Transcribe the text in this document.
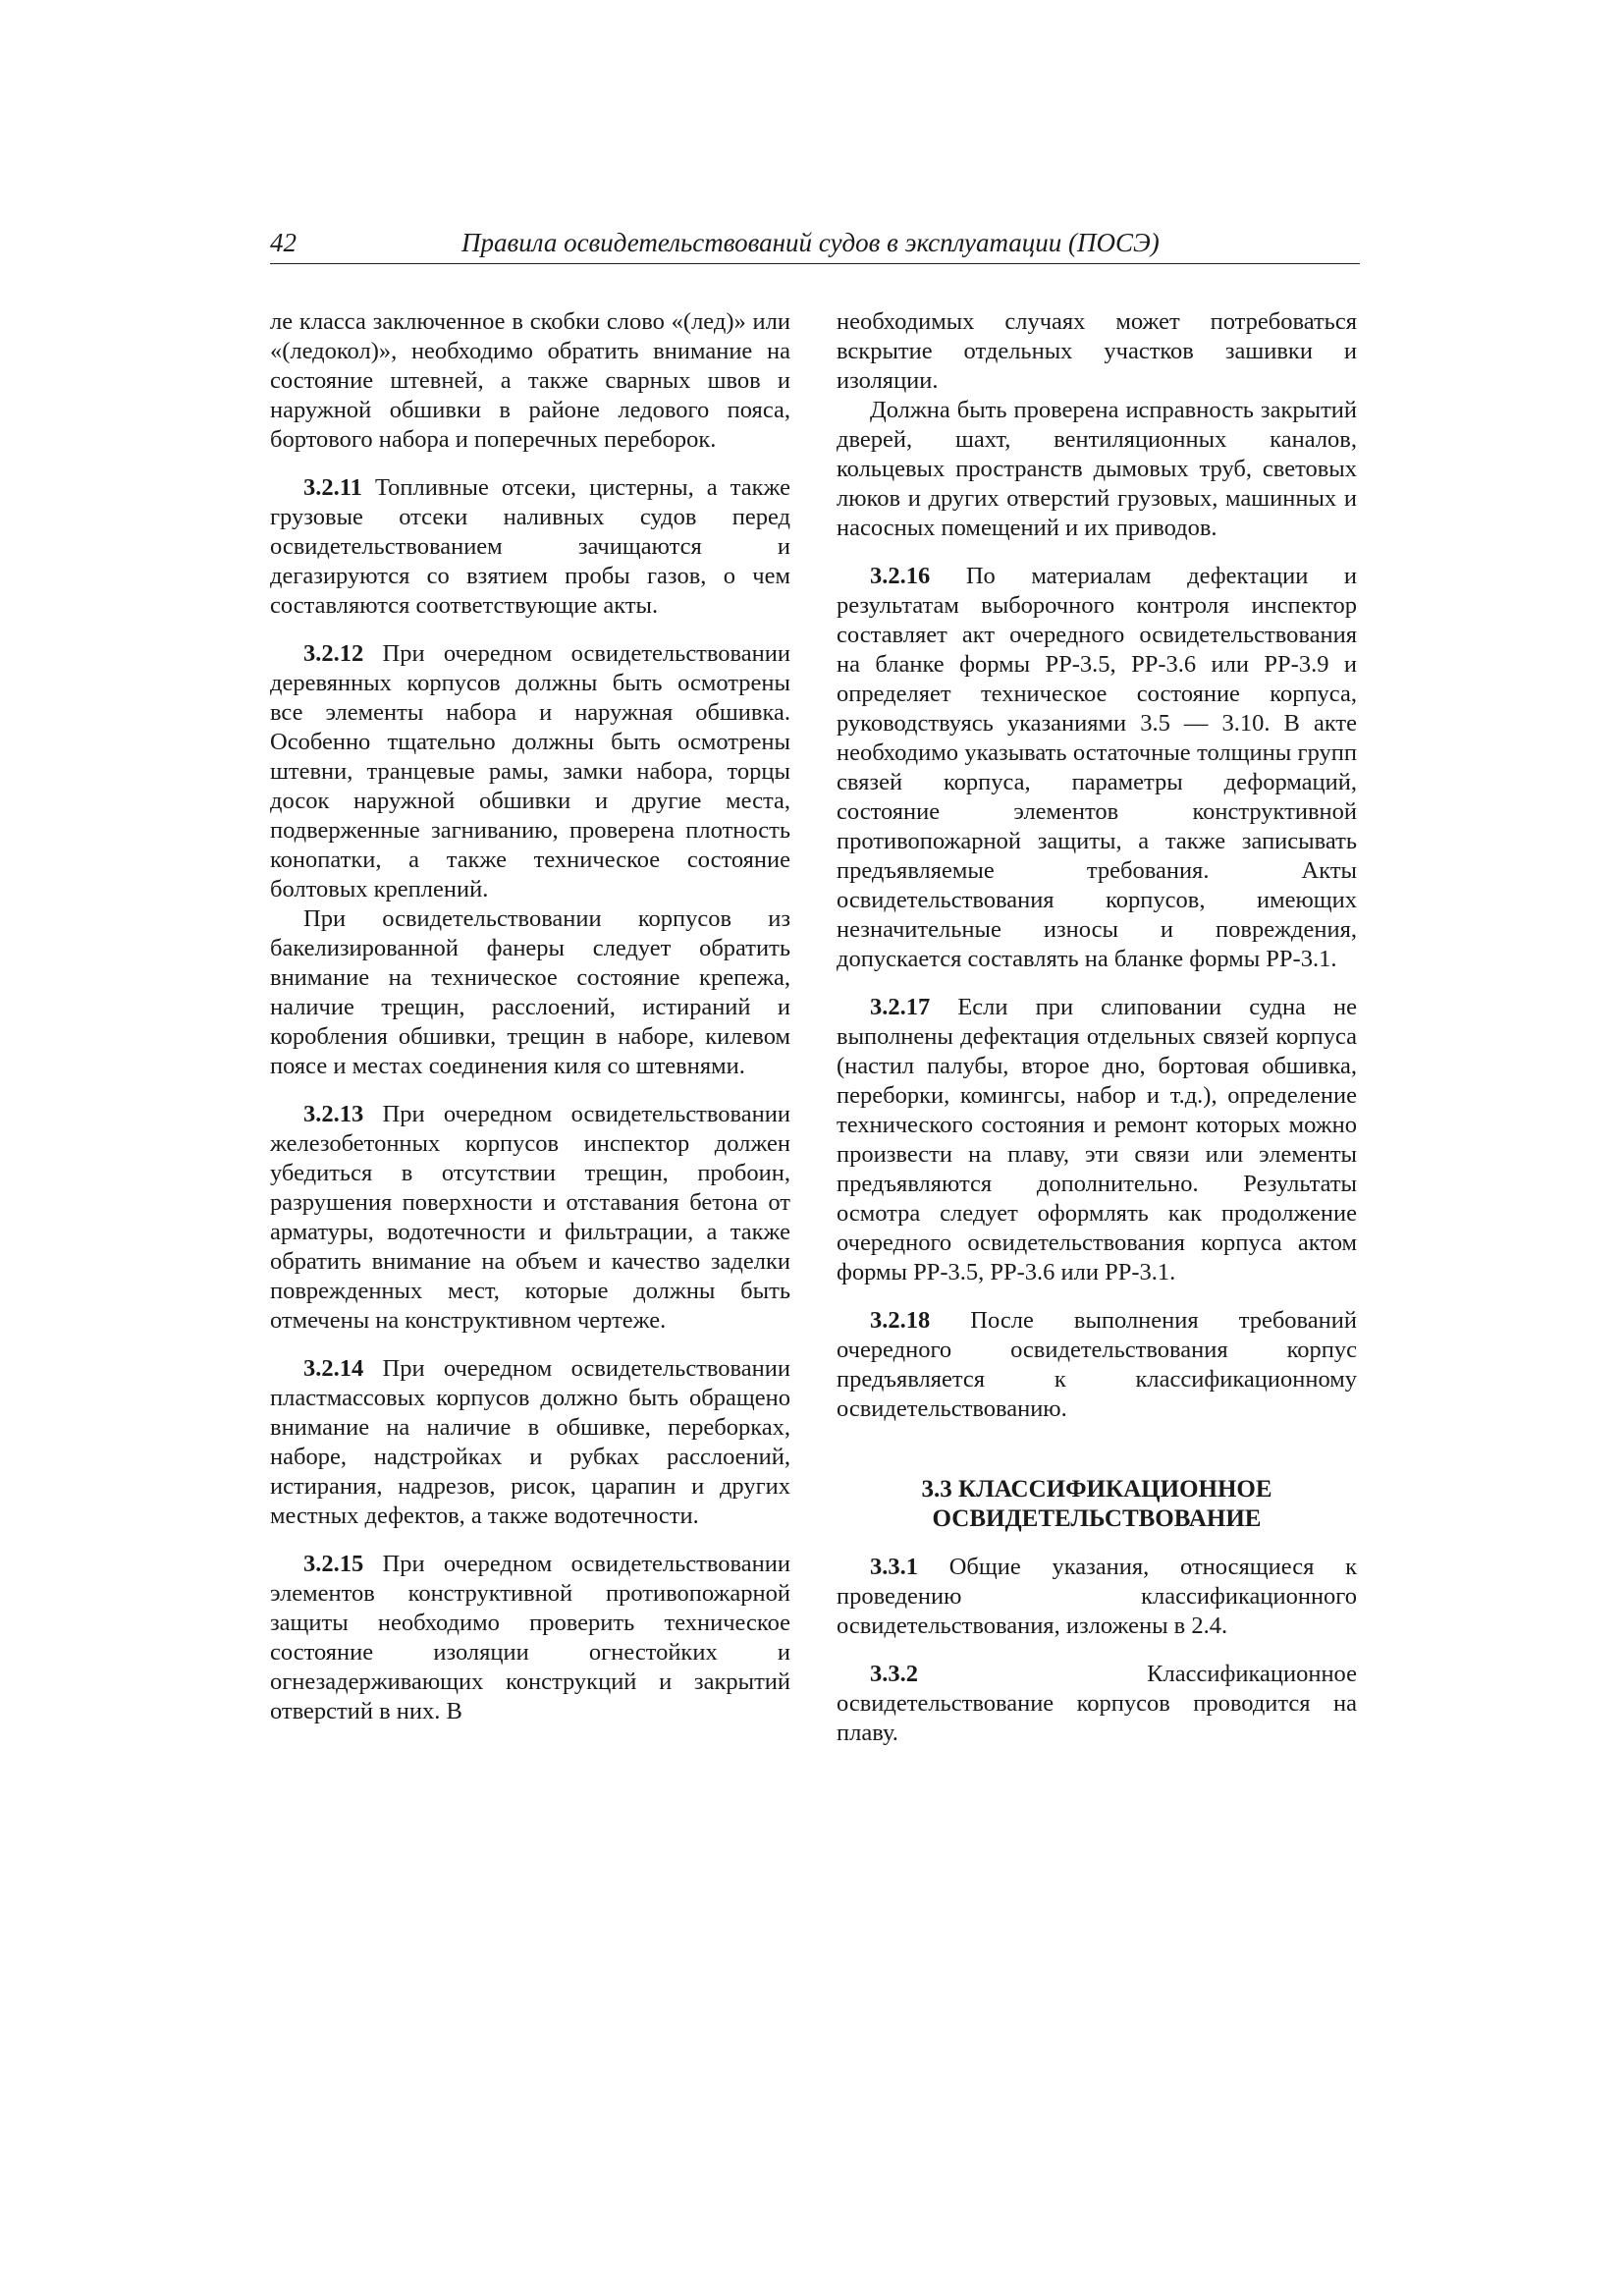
42	Правила освидетельствований судов в эксплуатации (ПОСЭ)

ле класса заключенное в скобки слово «(лед)» или «(ледокол)», необходимо обратить внимание на состояние штевней, а также сварных швов и наружной обшивки в районе ледового пояса, бортового набора и поперечных переборок.

3.2.11 Топливные отсеки, цистерны, а также грузовые отсеки наливных судов перед освидетельствованием зачищаются и дегазируются со взятием пробы газов, о чем составляются соответствующие акты.

3.2.12 При очередном освидетельствовании деревянных корпусов должны быть осмотрены все элементы набора и наружная обшивка. Особенно тщательно должны быть осмотрены штевни, транцевые рамы, замки набора, торцы досок наружной обшивки и другие места, подверженные загниванию, проверена плотность конопатки, а также техническое состояние болтовых креплений.

При освидетельствовании корпусов из бакелизированной фанеры следует обратить внимание на техническое состояние крепежа, наличие трещин, расслоений, истираний и коробления обшивки, трещин в наборе, килевом поясе и местах соединения киля со штевнями.

3.2.13 При очередном освидетельствовании железобетонных корпусов инспектор должен убедиться в отсутствии трещин, пробоин, разрушения поверхности и отставания бетона от арматуры, водотечности и фильтрации, а также обратить внимание на объем и качество заделки поврежденных мест, которые должны быть отмечены на конструктивном чертеже.

3.2.14 При очередном освидетельствовании пластмассовых корпусов должно быть обращено внимание на наличие в обшивке, переборках, наборе, надстройках и рубках расслоений, истирания, надрезов, рисок, царапин и других местных дефектов, а также водотечности.

3.2.15 При очередном освидетельствовании элементов конструктивной противопожарной защиты необходимо проверить техническое состояние изоляции огнестойких и огнезадерживающих конструкций и закрытий отверстий в них. В

необходимых случаях может потребоваться вскрытие отдельных участков зашивки и изоляции.

Должна быть проверена исправность закрытий дверей, шахт, вентиляционных каналов, кольцевых пространств дымовых труб, световых люков и других отверстий грузовых, машинных и насосных помещений и их приводов.

3.2.16 По материалам дефектации и результатам выборочного контроля инспектор составляет акт очередного освидетельствования на бланке формы РР-3.5, РР-3.6 или РР-3.9 и определяет техническое состояние корпуса, руководствуясь указаниями 3.5 — 3.10. В акте необходимо указывать остаточные толщины групп связей корпуса, параметры деформаций, состояние элементов конструктивной противопожарной защиты, а также записывать предъявляемые требования. Акты освидетельствования корпусов, имеющих незначительные износы и повреждения, допускается составлять на бланке формы РР-3.1.

3.2.17 Если при слиповании судна не выполнены дефектация отдельных связей корпуса (настил палубы, второе дно, бортовая обшивка, переборки, комингсы, набор и т.д.), определение технического состояния и ремонт которых можно произвести на плаву, эти связи или элементы предъявляются дополнительно. Результаты осмотра следует оформлять как продолжение очередного освидетельствования корпуса актом формы РР-3.5, РР-3.6 или РР-3.1.

3.2.18 После выполнения требований очередного освидетельствования корпус предъявляется к классификационному освидетельствованию.

3.3 КЛАССИФИКАЦИОННОЕ
ОСВИДЕТЕЛЬСТВОВАНИЕ

3.3.1 Общие указания, относящиеся к проведению классификационного освидетельствования, изложены в 2.4.

3.3.2 Классификационное освидетельствование корпусов проводится на плаву.
